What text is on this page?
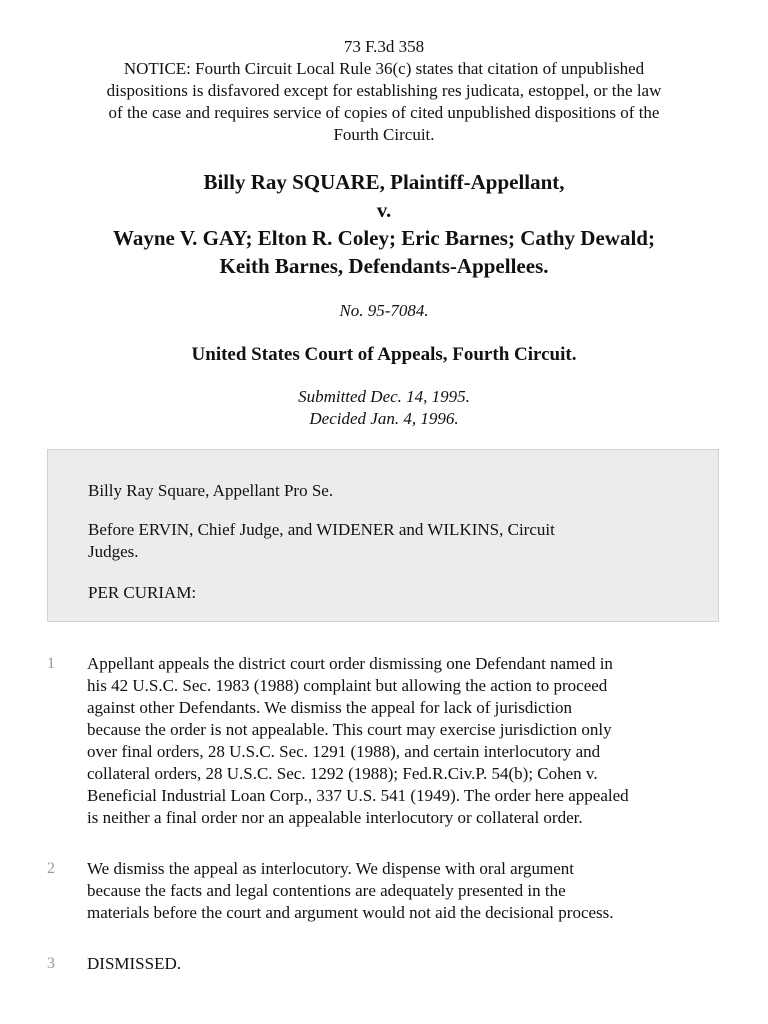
73 F.3d 358
NOTICE: Fourth Circuit Local Rule 36(c) states that citation of unpublished
dispositions is disfavored except for establishing res judicata, estoppel, or the law
of the case and requires service of copies of cited unpublished dispositions of the
Fourth Circuit.
Billy Ray SQUARE, Plaintiff-Appellant,
v.
Wayne V. GAY; Elton R. Coley; Eric Barnes; Cathy Dewald;
Keith Barnes, Defendants-Appellees.
No. 95-7084.
United States Court of Appeals, Fourth Circuit.
Submitted Dec. 14, 1995.
Decided Jan. 4, 1996.

Billy Ray Square, Appellant Pro Se.

Before ERVIN, Chief Judge, and WIDENER and WILKINS, Circuit
Judges.

PER CURIAM:

1 Appellant appeals the district court order dismissing one Defendant named in
his 42 U.S.C. Sec. 1983 (1988) complaint but allowing the action to proceed
against other Defendants. We dismiss the appeal for lack of jurisdiction
because the order is not appealable. This court may exercise jurisdiction only
over final orders, 28 U.S.C. Sec. 1291 (1988), and certain interlocutory and
collateral orders, 28 U.S.C. Sec. 1292 (1988); Fed.R.Civ.P. 54(b); Cohen v.
Beneficial Industrial Loan Corp., 337 U.S. 541 (1949). The order here appealed
is neither a final order nor an appealable interlocutory or collateral order.
2 We dismiss the appeal as interlocutory. We dispense with oral argument
because the facts and legal contentions are adequately presented in the
materials before the court and argument would not aid the decisional process.
3 DISMISSED.
